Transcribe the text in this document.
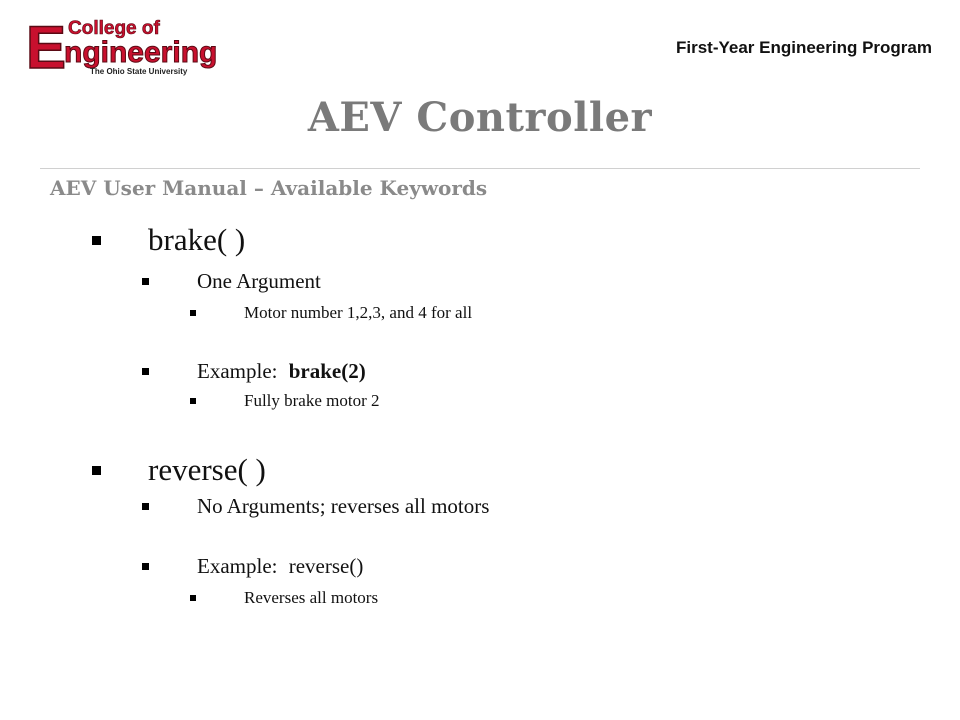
E College of
ngineering
The Ohio State University
First-Year Engineering Program
AEV Controller
AEV User Manual – Available Keywords
brake( )
One Argument
Motor number 1,2,3, and 4 for all
Example: brake(2)
Fully brake motor 2
reverse( )
No Arguments; reverses all motors
Example: reverse()
Reverses all motors
